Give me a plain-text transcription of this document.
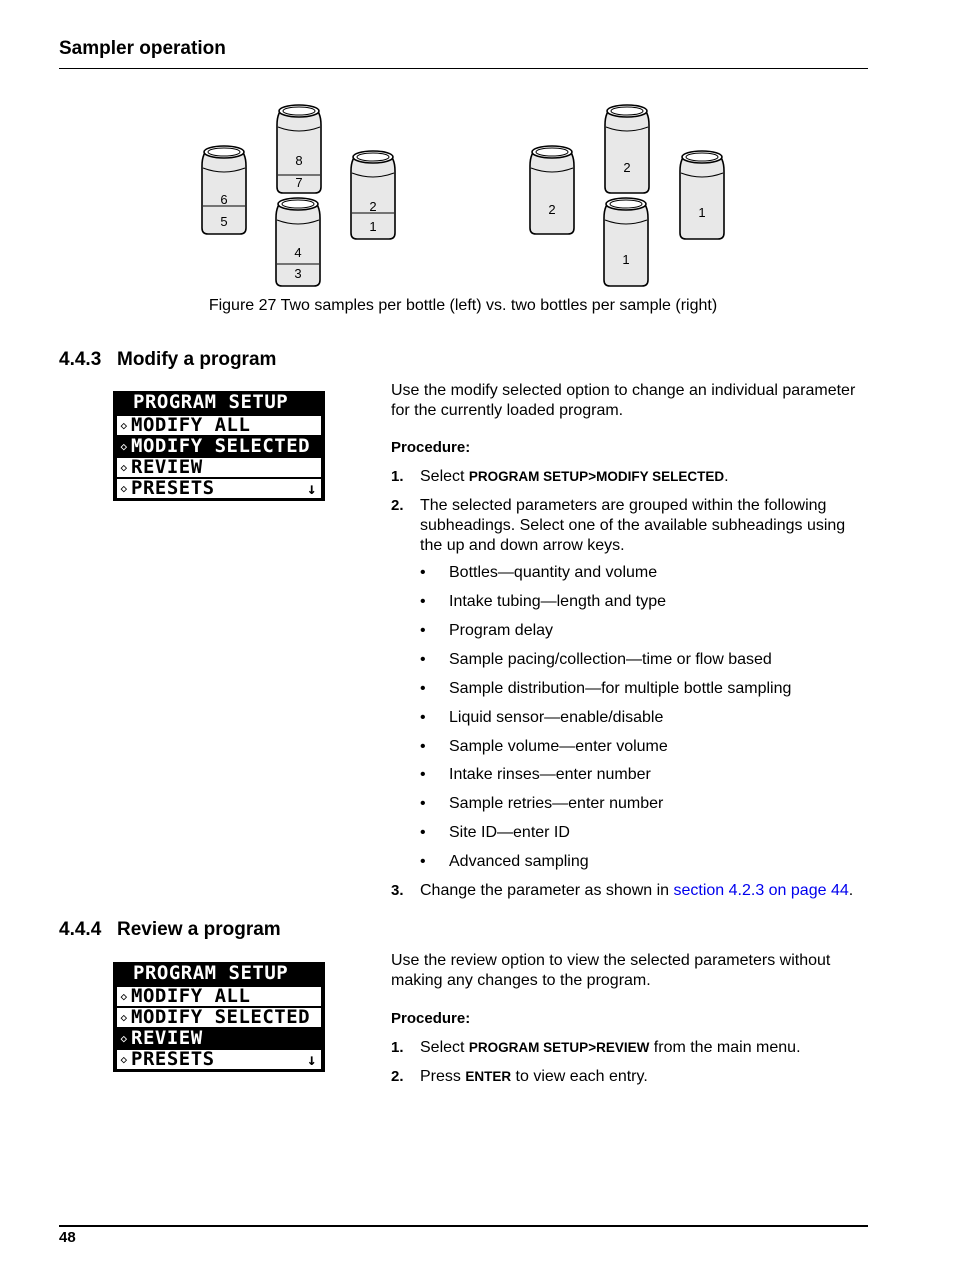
Sampler operation
6
5
8
7
4
3
2
1
2
2
1
1
Figure 27 Two samples per bottle (left) vs. two bottles per sample (right)
4.4.3 Modify a program
PROGRAM SETUP
◇ MODIFY ALL
◇ MODIFY SELECTED
◇ REVIEW
◇ PRESETS	↓
Use the modify selected option to change an individual parameter for the currently loaded program.
Procedure:
1. Select PROGRAM SETUP>MODIFY SELECTED.
2. The selected parameters are grouped within the following subheadings. Select one of the available subheadings using the up and down arrow keys.
• Bottles—quantity and volume
• Intake tubing—length and type
• Program delay
• Sample pacing/collection—time or flow based
• Sample distribution—for multiple bottle sampling
• Liquid sensor—enable/disable
• Sample volume—enter volume
• Intake rinses—enter number
• Sample retries—enter number
• Site ID—enter ID
• Advanced sampling
3. Change the parameter as shown in section 4.2.3 on page 44.
4.4.4 Review a program
PROGRAM SETUP
◇ MODIFY ALL
◇ MODIFY SELECTED
◇ REVIEW
◇ PRESETS	↓
Use the review option to view the selected parameters without making any changes to the program.
Procedure:
1. Select PROGRAM SETUP>REVIEW from the main menu.
2. Press ENTER to view each entry.
48
